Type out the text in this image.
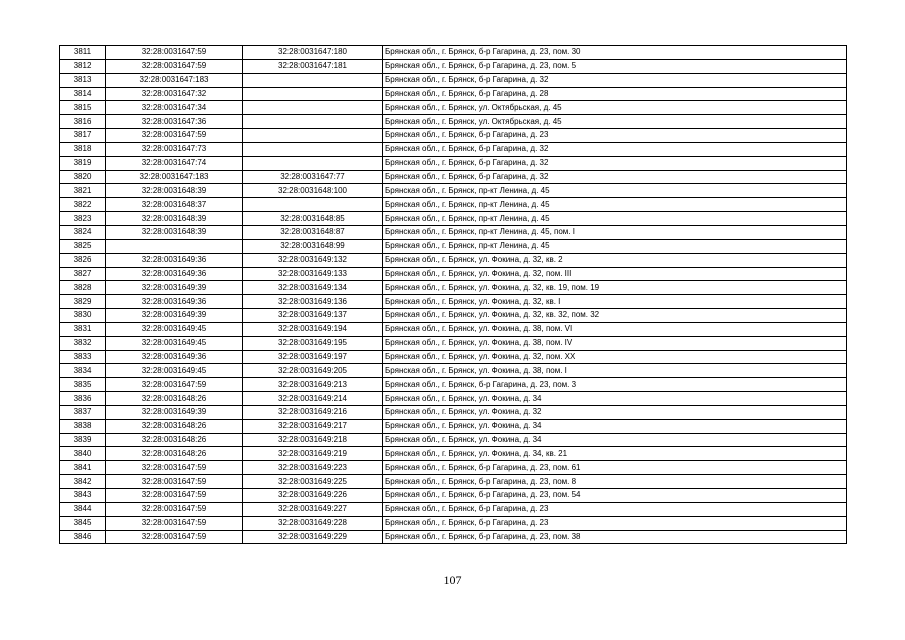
3811	32:28:0031647:59	32:28:0031647:180	Брянская обл., г. Брянск, б-р Гагарина, д. 23, пом. 30
3812	32:28:0031647:59	32:28:0031647:181	Брянская обл., г. Брянск, б-р Гагарина, д. 23, пом. 5
3813	32:28:0031647:183		Брянская обл., г. Брянск, б-р Гагарина, д. 32
3814	32:28:0031647:32		Брянская обл., г. Брянск, б-р Гагарина, д. 28
3815	32:28:0031647:34		Брянская обл., г. Брянск, ул. Октябрьская, д. 45
3816	32:28:0031647:36		Брянская обл., г. Брянск, ул. Октябрьская, д. 45
3817	32:28:0031647:59		Брянская обл., г. Брянск, б-р Гагарина, д. 23
3818	32:28:0031647:73		Брянская обл., г. Брянск, б-р Гагарина, д. 32
3819	32:28:0031647:74		Брянская обл., г. Брянск, б-р Гагарина, д. 32
3820	32:28:0031647:183	32:28:0031647:77	Брянская обл., г. Брянск, б-р Гагарина, д. 32
3821	32:28:0031648:39	32:28:0031648:100	Брянская обл., г. Брянск, пр-кт Ленина, д. 45
3822	32:28:0031648:37		Брянская обл., г. Брянск, пр-кт Ленина, д. 45
3823	32:28:0031648:39	32:28:0031648:85	Брянская обл., г. Брянск, пр-кт Ленина, д. 45
3824	32:28:0031648:39	32:28:0031648:87	Брянская обл., г. Брянск, пр-кт Ленина, д. 45, пом. I
3825		32:28:0031648:99	Брянская обл., г. Брянск, пр-кт Ленина, д. 45
3826	32:28:0031649:36	32:28:0031649:132	Брянская обл., г. Брянск, ул. Фокина, д. 32, кв. 2
3827	32:28:0031649:36	32:28:0031649:133	Брянская обл., г. Брянск, ул. Фокина, д. 32, пом. III
3828	32:28:0031649:39	32:28:0031649:134	Брянская обл., г. Брянск, ул. Фокина, д. 32, кв. 19, пом. 19
3829	32:28:0031649:36	32:28:0031649:136	Брянская обл., г. Брянск, ул. Фокина, д. 32, кв. I
3830	32:28:0031649:39	32:28:0031649:137	Брянская обл., г. Брянск, ул. Фокина, д. 32, кв. 32, пом. 32
3831	32:28:0031649:45	32:28:0031649:194	Брянская обл., г. Брянск, ул. Фокина, д. 38, пом. VI
3832	32:28:0031649:45	32:28:0031649:195	Брянская обл., г. Брянск, ул. Фокина, д. 38, пом. IV
3833	32:28:0031649:36	32:28:0031649:197	Брянская обл., г. Брянск, ул. Фокина, д. 32, пом. XX
3834	32:28:0031649:45	32:28:0031649:205	Брянская обл., г. Брянск, ул. Фокина, д. 38, пом. I
3835	32:28:0031647:59	32:28:0031649:213	Брянская обл., г. Брянск, б-р Гагарина, д. 23, пом. 3
3836	32:28:0031648:26	32:28:0031649:214	Брянская обл., г. Брянск, ул. Фокина, д. 34
3837	32:28:0031649:39	32:28:0031649:216	Брянская обл., г. Брянск, ул. Фокина, д. 32
3838	32:28:0031648:26	32:28:0031649:217	Брянская обл., г. Брянск, ул. Фокина, д. 34
3839	32:28:0031648:26	32:28:0031649:218	Брянская обл., г. Брянск, ул. Фокина, д. 34
3840	32:28:0031648:26	32:28:0031649:219	Брянская обл., г. Брянск, ул. Фокина, д. 34, кв. 21
3841	32:28:0031647:59	32:28:0031649:223	Брянская обл., г. Брянск, б-р Гагарина, д. 23, пом. 61
3842	32:28:0031647:59	32:28:0031649:225	Брянская обл., г. Брянск, б-р Гагарина, д. 23, пом. 8
3843	32:28:0031647:59	32:28:0031649:226	Брянская обл., г. Брянск, б-р Гагарина, д. 23, пом. 54
3844	32:28:0031647:59	32:28:0031649:227	Брянская обл., г. Брянск, б-р Гагарина, д. 23
3845	32:28:0031647:59	32:28:0031649:228	Брянская обл., г. Брянск, б-р Гагарина, д. 23
3846	32:28:0031647:59	32:28:0031649:229	Брянская обл., г. Брянск, б-р Гагарина, д. 23, пом. 38
107
